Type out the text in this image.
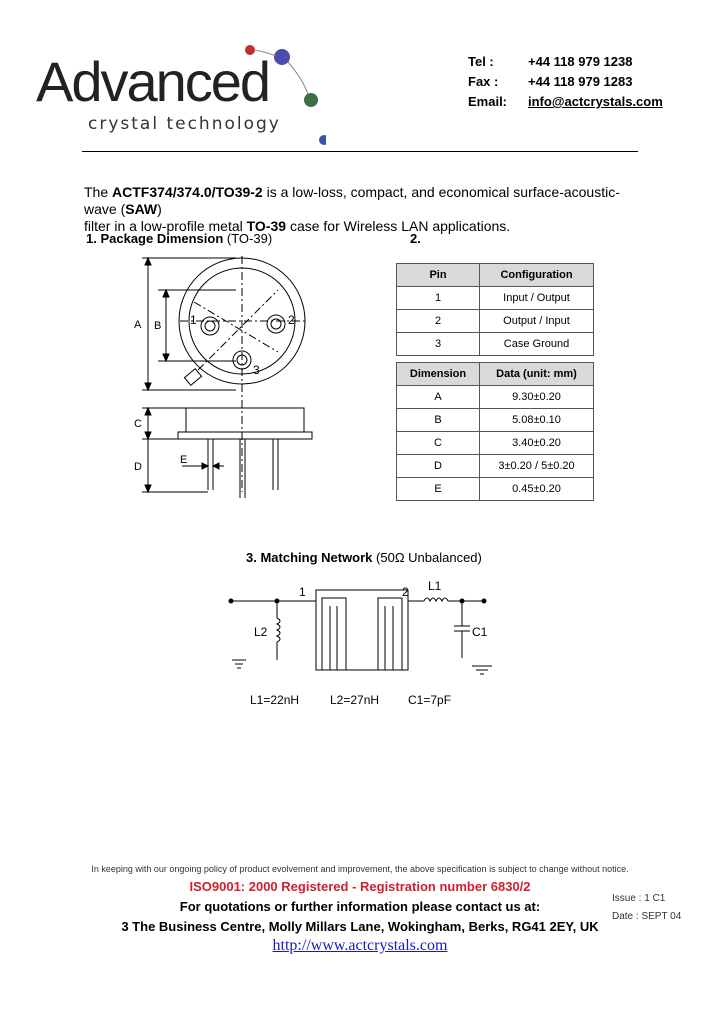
Advanced
crystal technology
Tel :	+44 118 979 1238
Fax : +44 118 979 1283
Email: info@actcrystals.com
The ACTF374/374.0/TO39-2 is a low-loss, compact, and economical surface-acoustic-wave (SAW)
filter in a low-profile metal TO-39 case for Wireless LAN applications.
1. Package Dimension (TO-39)	2.
A B
C
D
E
1	2
3
Pin	Configuration
1	Input / Output
2	Output / Input
3	Case Ground
Dimension	Data (unit: mm)
A	9.30±0.20
B	5.08±0.10
C	3.40±0.20
D	3±0.20 / 5±0.20
E	0.45±0.20
3. Matching Network (50Ω Unbalanced)
1	2
L2
L1
C1
L1=22nH	L2=27nH C1=7pF
In keeping with our ongoing policy of product evolvement and improvement, the above specification is subject to change without notice.
ISO9001: 2000 Registered - Registration number 6830/2
For quotations or further information please contact us at:
3 The Business Centre, Molly Millars Lane, Wokingham, Berks, RG41 2EY, UK
http://www.actcrystals.com
Issue : 1 C1
Date : SEPT 04
